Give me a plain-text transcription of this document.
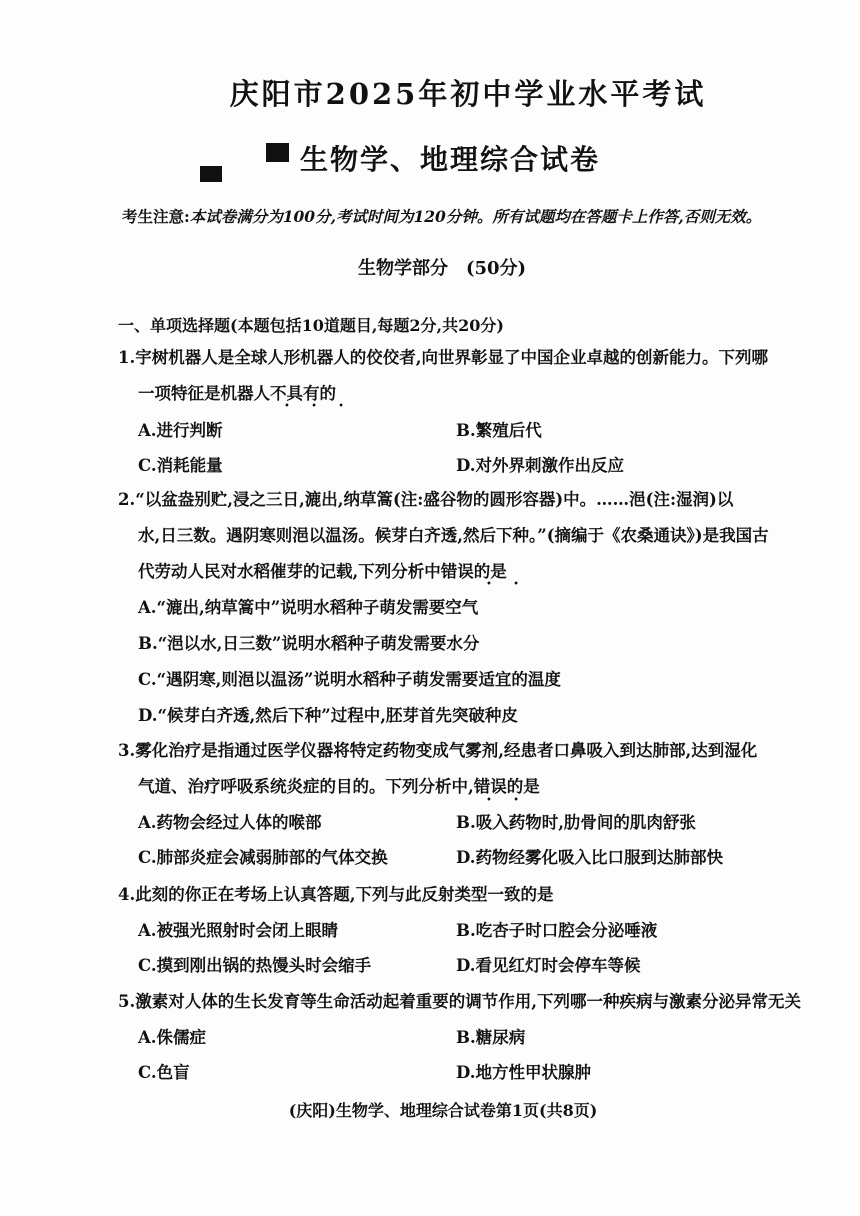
庆阳市2025年初中学业水平考试
生物学、地理综合试卷
考生注意:本试卷满分为100分,考试时间为120分钟。所有试题均在答题卡上作答,否则无效。
生物学部分　(50分)
一、单项选择题(本题包括10道题目,每题2分,共20分)
1.宇树机器人是全球人形机器人的佼佼者,向世界彰显了中国企业卓越的创新能力。下列哪
一项特征是机器人不具有的
• • •
A.进行判断	B.繁殖后代
C.消耗能量	D.对外界刺激作出反应
2.“以盆盎别贮,浸之三日,漉出,纳草篙(注:盛谷物的圆形容器)中。……浥(注:湿润)以
水,日三数。遇阴寒则浥以温汤。候芽白齐透,然后下种。”(摘编于《农桑通诀》)是我国古
代劳动人民对水稻催芽的记载,下列分析中错误的是
• •
A.“漉出,纳草篙中”说明水稻种子萌发需要空气
B.“浥以水,日三数”说明水稻种子萌发需要水分
C.“遇阴寒,则浥以温汤”说明水稻种子萌发需要适宜的温度
D.“候芽白齐透,然后下种”过程中,胚芽首先突破种皮
3.雾化治疗是指通过医学仪器将特定药物变成气雾剂,经患者口鼻吸入到达肺部,达到湿化
气道、治疗呼吸系统炎症的目的。下列分析中,错误的是
• •
A.药物会经过人体的喉部	B.吸入药物时,肋骨间的肌肉舒张
C.肺部炎症会减弱肺部的气体交换	D.药物经雾化吸入比口服到达肺部快
4.此刻的你正在考场上认真答题,下列与此反射类型一致的是
A.被强光照射时会闭上眼睛	B.吃杏子时口腔会分泌唾液
C.摸到刚出锅的热馒头时会缩手	D.看见红灯时会停车等候
5.激素对人体的生长发育等生命活动起着重要的调节作用,下列哪一种疾病与激素分泌异常无关
A.侏儒症	B.糖尿病
C.色盲	D.地方性甲状腺肿
(庆阳)生物学、地理综合试卷第1页(共8页)
